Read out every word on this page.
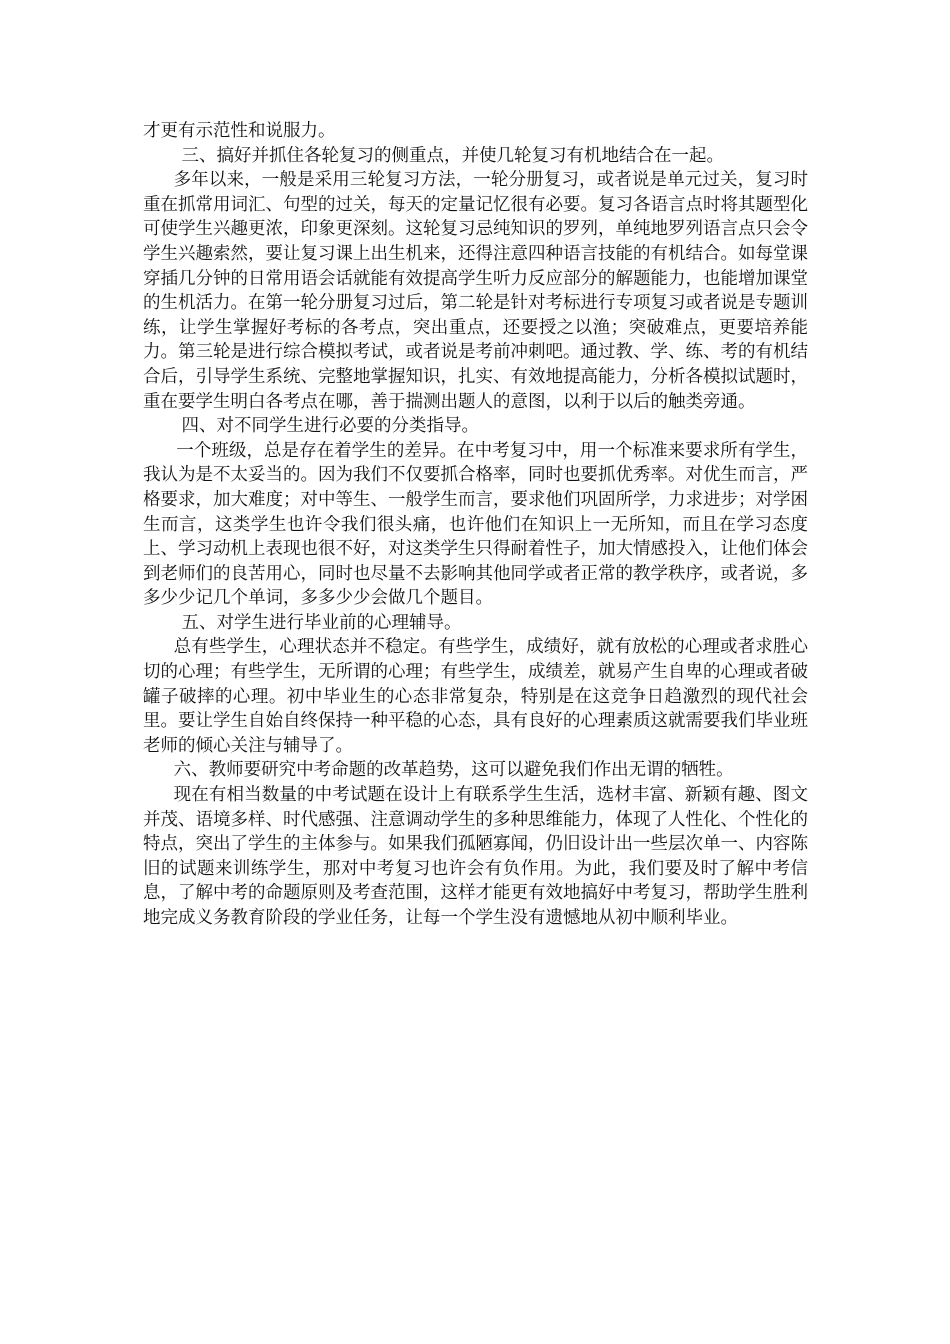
才更有示范性和说服力。

三、搞好并抓住各轮复习的侧重点，并使几轮复习有机地结合在一起。

多年以来，一般是采用三轮复习方法，一轮分册复习，或者说是单元过关，复习时重在抓常用词汇、句型的过关，每天的定量记忆很有必要。复习各语言点时将其题型化可使学生兴趣更浓，印象更深刻。这轮复习忌纯知识的罗列，单纯地罗列语言点只会令学生兴趣索然，要让复习课上出生机来，还得注意四种语言技能的有机结合。如每堂课穿插几分钟的日常用语会话就能有效提高学生听力反应部分的解题能力，也能增加课堂的生机活力。在第一轮分册复习过后，第二轮是针对考标进行专项复习或者说是专题训练，让学生掌握好考标的各考点，突出重点，还要授之以渔；突破难点，更要培养能力。第三轮是进行综合模拟考试，或者说是考前冲刺吧。通过教、学、练、考的有机结合后，引导学生系统、完整地掌握知识，扎实、有效地提高能力，分析各模拟试题时，重在要学生明白各考点在哪，善于揣测出题人的意图，以利于以后的触类旁通。

四、对不同学生进行必要的分类指导。

一个班级，总是存在着学生的差异。在中考复习中，用一个标准来要求所有学生，我认为是不太妥当的。因为我们不仅要抓合格率，同时也要抓优秀率。对优生而言，严格要求，加大难度；对中等生、一般学生而言，要求他们巩固所学，力求进步；对学困生而言，这类学生也许令我们很头痛，也许他们在知识上一无所知，而且在学习态度上、学习动机上表现也很不好，对这类学生只得耐着性子，加大情感投入，让他们体会到老师们的良苦用心，同时也尽量不去影响其他同学或者正常的教学秩序，或者说，多多少少记几个单词，多多少少会做几个题目。

五、对学生进行毕业前的心理辅导。

总有些学生，心理状态并不稳定。有些学生，成绩好，就有放松的心理或者求胜心切的心理；有些学生，无所谓的心理；有些学生，成绩差，就易产生自卑的心理或者破罐子破摔的心理。初中毕业生的心态非常复杂，特别是在这竞争日趋激烈的现代社会里。要让学生自始自终保持一种平稳的心态，具有良好的心理素质这就需要我们毕业班老师的倾心关注与辅导了。

六、教师要研究中考命题的改革趋势，这可以避免我们作出无谓的牺牲。

现在有相当数量的中考试题在设计上有联系学生生活，选材丰富、新颖有趣、图文并茂、语境多样、时代感强、注意调动学生的多种思维能力，体现了人性化、个性化的特点，突出了学生的主体参与。如果我们孤陋寡闻，仍旧设计出一些层次单一、内容陈旧的试题来训练学生，那对中考复习也许会有负作用。为此，我们要及时了解中考信息，了解中考的命题原则及考查范围，这样才能更有效地搞好中考复习，帮助学生胜利地完成义务教育阶段的学业任务，让每一个学生没有遗憾地从初中顺利毕业。
